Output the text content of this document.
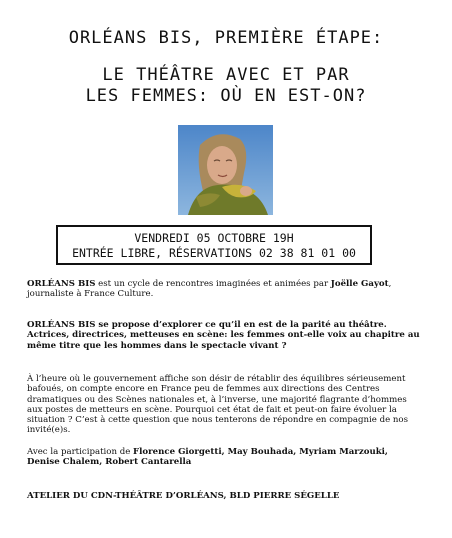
ORLÉANS BIS, PREMIÈRE ÉTAPE:
LE THÉÂTRE AVEC ET PAR
LES FEMMES: OÙ EN EST-ON?
VENDREDI 05 OCTOBRE 19H
ENTRÉE LIBRE, RÉSERVATIONS 02 38 81 01 00

ORLÉANS BIS est un cycle de rencontres imaginées et animées par Joëlle Gayot, journaliste à France Culture.

ORLÉANS BIS se propose d’explorer ce qu’il en est de la parité au théâtre.
Actrices, directrices, metteuses en scène: les femmes ont-elle voix au chapitre au même titre que les hommes dans le spectacle vivant ?

À l’heure où le gouvernement affiche son désir de rétablir des équilibres sérieusement bafoués, on compte encore en France peu de femmes aux directions des Centres dramatiques ou des Scènes nationales et, à l’inverse, une majorité flagrante d’hommes aux postes de metteurs en scène. Pourquoi cet état de fait et peut-on faire évoluer la situation ? C’est à cette question que nous tenterons de répondre en compagnie de nos invité(e)s.

Avec la participation de Florence Giorgetti, May Bouhada, Myriam Marzouki, Denise Chalem, Robert Cantarella

ATELIER DU CDN-THÉÂTRE D’ORLÉANS, BLD PIERRE SÉGELLE
